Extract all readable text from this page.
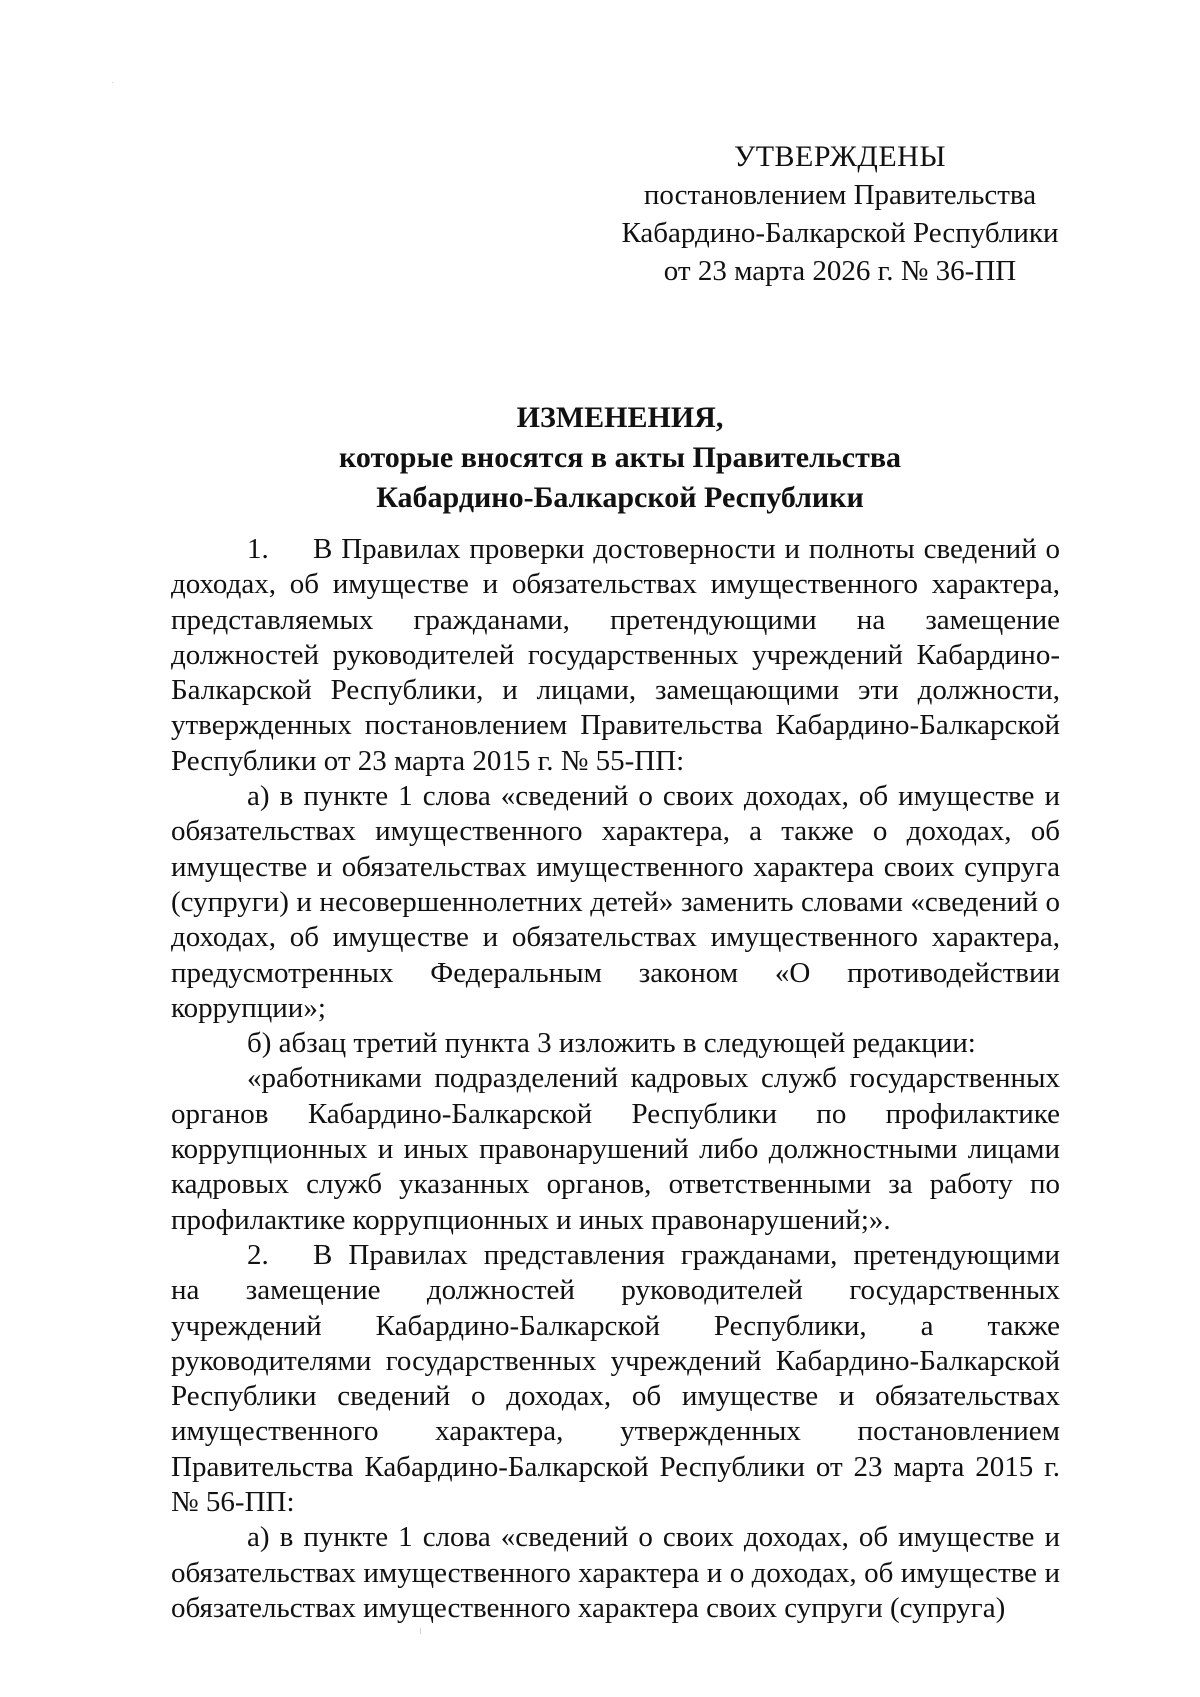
УТВЕРЖДЕНЫ
постановлением Правительства
Кабардино-Балкарской Республики
от 23 марта 2026 г. № 36-ПП
ИЗМЕНЕНИЯ,
которые вносятся в акты Правительства
Кабардино-Балкарской Республики

1. В Правилах проверки достоверности и полноты сведений о доходах, об имуществе и обязательствах имущественного характера, представляемых гражданами, претендующими на замещение должностей руководителей государственных учреждений Кабардино-Балкарской Республики, и лицами, замещающими эти должности, утвержденных постановлением Правительства Кабардино-Балкарской Республики от 23 марта 2015 г. № 55-ПП:

а) в пункте 1 слова «сведений о своих доходах, об имуществе и обязательствах имущественного характера, а также о доходах, об имуществе и обязательствах имущественного характера своих супруга (супруги) и несовершеннолетних детей» заменить словами «сведений о доходах, об имуществе и обязательствах имущественного характера, предусмотренных Федеральным законом «О противодействии коррупции»;

б) абзац третий пункта 3 изложить в следующей редакции:

«работниками подразделений кадровых служб государственных органов Кабардино-Балкарской Республики по профилактике коррупционных и иных правонарушений либо должностными лицами кадровых служб указанных органов, ответственными за работу по профилактике коррупционных и иных правонарушений;».

2. В Правилах представления гражданами, претендующими на замещение должностей руководителей государственных учреждений Кабардино-Балкарской Республики, а также руководителями государственных учреждений Кабардино-Балкарской Республики сведений о доходах, об имуществе и обязательствах имущественного характера, утвержденных постановлением Правительства Кабардино-Балкарской Республики от 23 марта 2015 г. № 56-ПП:

а) в пункте 1 слова «сведений о своих доходах, об имуществе и обязательствах имущественного характера и о доходах, об имуществе и обязательствах имущественного характера своих супруги (супруга)
